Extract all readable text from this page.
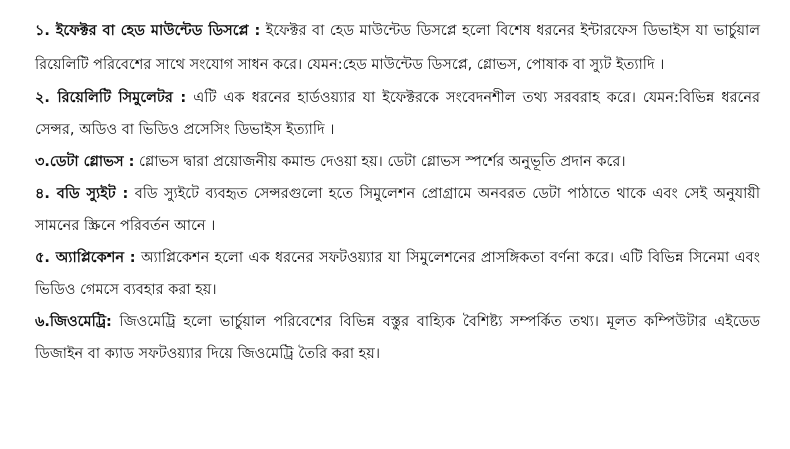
১. ইফেক্টর বা হেড মাউন্টেড ডিসপ্লে : ইফেক্টর বা হেড মাউন্টেড ডিসপ্লে হলো বিশেষ ধরনের ইন্টারফেস ডিভাইস যা ভার্চুয়াল রিয়েলিটি পরিবেশের সাথে সংযোগ সাধন করে। যেমন:হেড মাউন্টেড ডিসপ্লে, গ্লোভস, পোষাক বা স্যুট ইত্যাদি ।

২. রিয়েলিটি সিমুলেটর : এটি এক ধরনের হার্ডওয়্যার যা ইফেক্টরকে সংবেদনশীল তথ্য সরবরাহ করে। যেমন:বিভিন্ন ধরনের সেন্সর, অডিও বা ভিডিও প্রসেসিং ডিভাইস ইত্যাদি ।

৩.ডেটা গ্লোভস : গ্লোভস দ্বারা প্রয়োজনীয় কমান্ড দেওয়া হয়। ডেটা গ্লোভস স্পর্শের অনুভূতি প্রদান করে।

৪. বডি স্যুইট : বডি স্যুইটে ব্যবহৃত সেন্সরগুলো হতে সিমুলেশন প্রোগ্রামে অনবরত ডেটা পাঠাতে থাকে এবং সেই অনুযায়ী সামনের স্ক্রিনে পরিবর্তন আনে ।

৫. অ্যাপ্লিকেশন : অ্যাপ্লিকেশন হলো এক ধরনের সফটওয়্যার যা সিমুলেশনের প্রাসঙ্গিকতা বর্ণনা করে। এটি বিভিন্ন সিনেমা এবং ভিডিও গেমসে ব্যবহার করা হয়।

৬.জিওমেট্রি: জিওমেট্রি হলো ভার্চুয়াল পরিবেশের বিভিন্ন বস্তুর বাহ্যিক বৈশিষ্ট্য সম্পর্কিত তথ্য। মূলত কম্পিউটার এইডেড ডিজাইন বা ক্যাড সফটওয়্যার দিয়ে জিওমেট্রি তৈরি করা হয়।
